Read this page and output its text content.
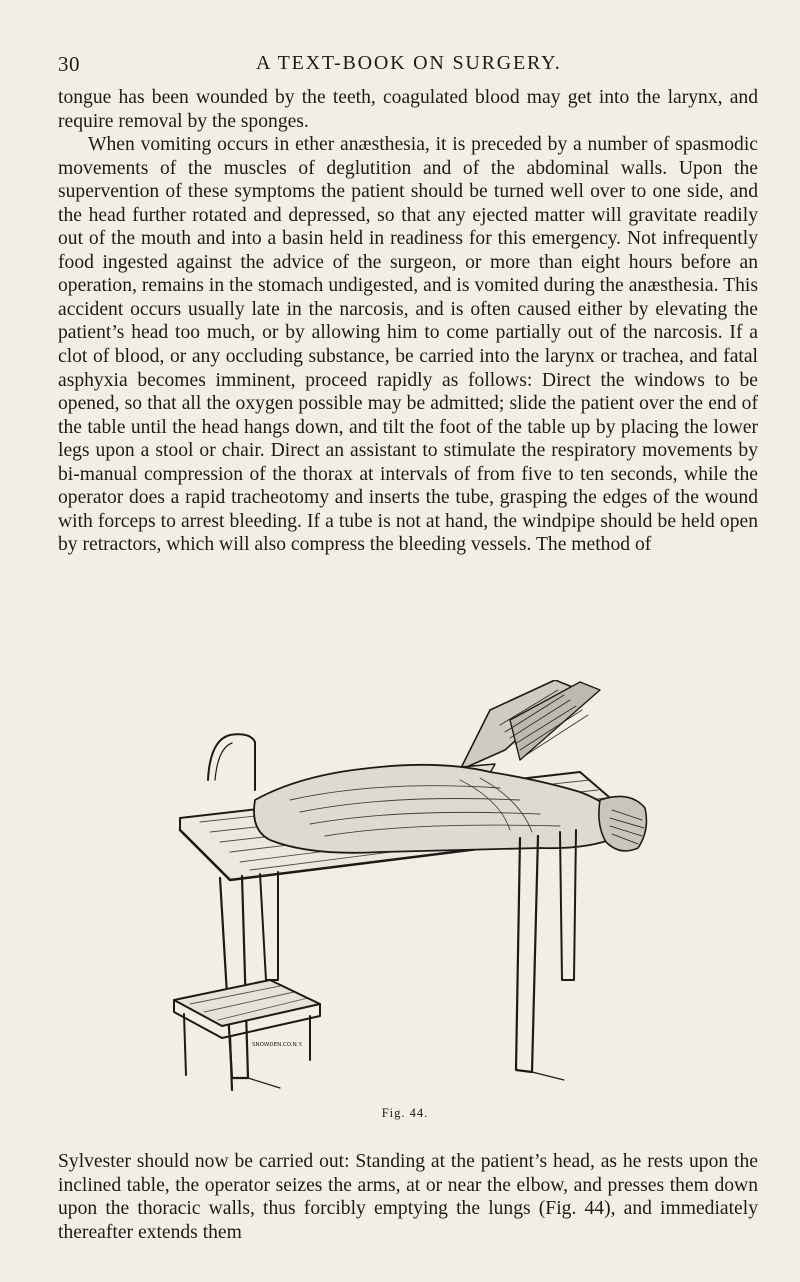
30	A TEXT-BOOK ON SURGERY.

tongue has been wounded by the teeth, coagulated blood may get into the larynx, and require removal by the sponges.

When vomiting occurs in ether anæsthesia, it is preceded by a number of spasmodic movements of the muscles of deglutition and of the abdominal walls. Upon the supervention of these symptoms the patient should be turned well over to one side, and the head further rotated and depressed, so that any ejected matter will gravitate readily out of the mouth and into a basin held in readiness for this emergency. Not infrequently food ingested against the advice of the surgeon, or more than eight hours before an operation, remains in the stomach undigested, and is vomited during the anæsthesia. This accident occurs usually late in the narcosis, and is often caused either by elevating the patient’s head too much, or by allowing him to come partially out of the narcosis. If a clot of blood, or any occluding substance, be carried into the larynx or trachea, and fatal asphyxia becomes imminent, proceed rapidly as follows: Direct the windows to be opened, so that all the oxygen possible may be admitted; slide the patient over the end of the table until the head hangs down, and tilt the foot of the table up by placing the lower legs upon a stool or chair. Direct an assistant to stimulate the respiratory movements by bi-manual compression of the thorax at intervals of from five to ten seconds, while the operator does a rapid tracheotomy and inserts the tube, grasping the edges of the wound with forceps to arrest bleeding. If a tube is not at hand, the windpipe should be held open by retractors, which will also compress the bleeding vessels. The method of

SNOWDEN.CO.N.Y.
Fig. 44.

Sylvester should now be carried out: Standing at the patient’s head, as he rests upon the inclined table, the operator seizes the arms, at or near the elbow, and presses them down upon the thoracic walls, thus forcibly emptying the lungs (Fig. 44), and immediately thereafter extends them
